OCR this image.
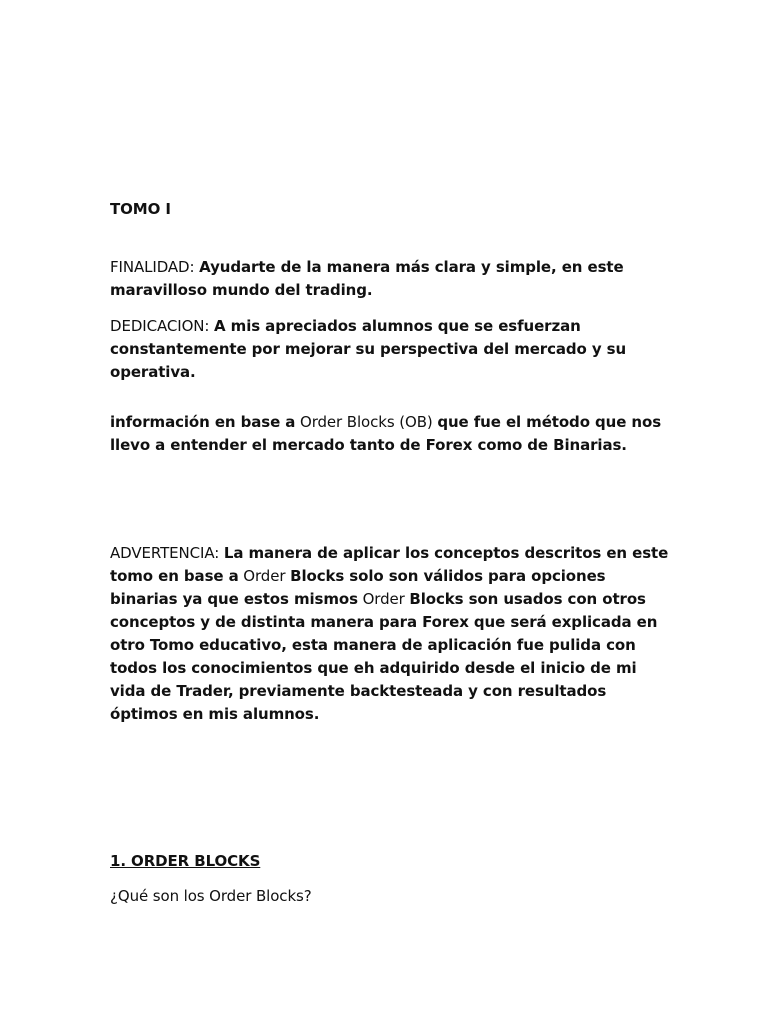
TOMO I

FINALIDAD: Ayudarte de la manera más clara y simple, en este maravilloso mundo del trading.

DEDICACION: A mis apreciados alumnos que se esfuerzan constantemente por mejorar su perspectiva del mercado y su operativa.

información en base a Order Blocks (OB) que fue el método que nos llevo a entender el mercado tanto de Forex como de Binarias.

ADVERTENCIA: La manera de aplicar los conceptos descritos en este tomo en base a Order Blocks solo son válidos para opciones binarias ya que estos mismos Order Blocks son usados con otros conceptos y de distinta manera para Forex que será explicada en otro Tomo educativo, esta manera de aplicación fue pulida con todos los conocimientos que eh adquirido desde el inicio de mi vida de Trader, previamente backtesteada y con resultados óptimos en mis alumnos.

1. ORDER BLOCKS

¿Qué son los Order Blocks?
